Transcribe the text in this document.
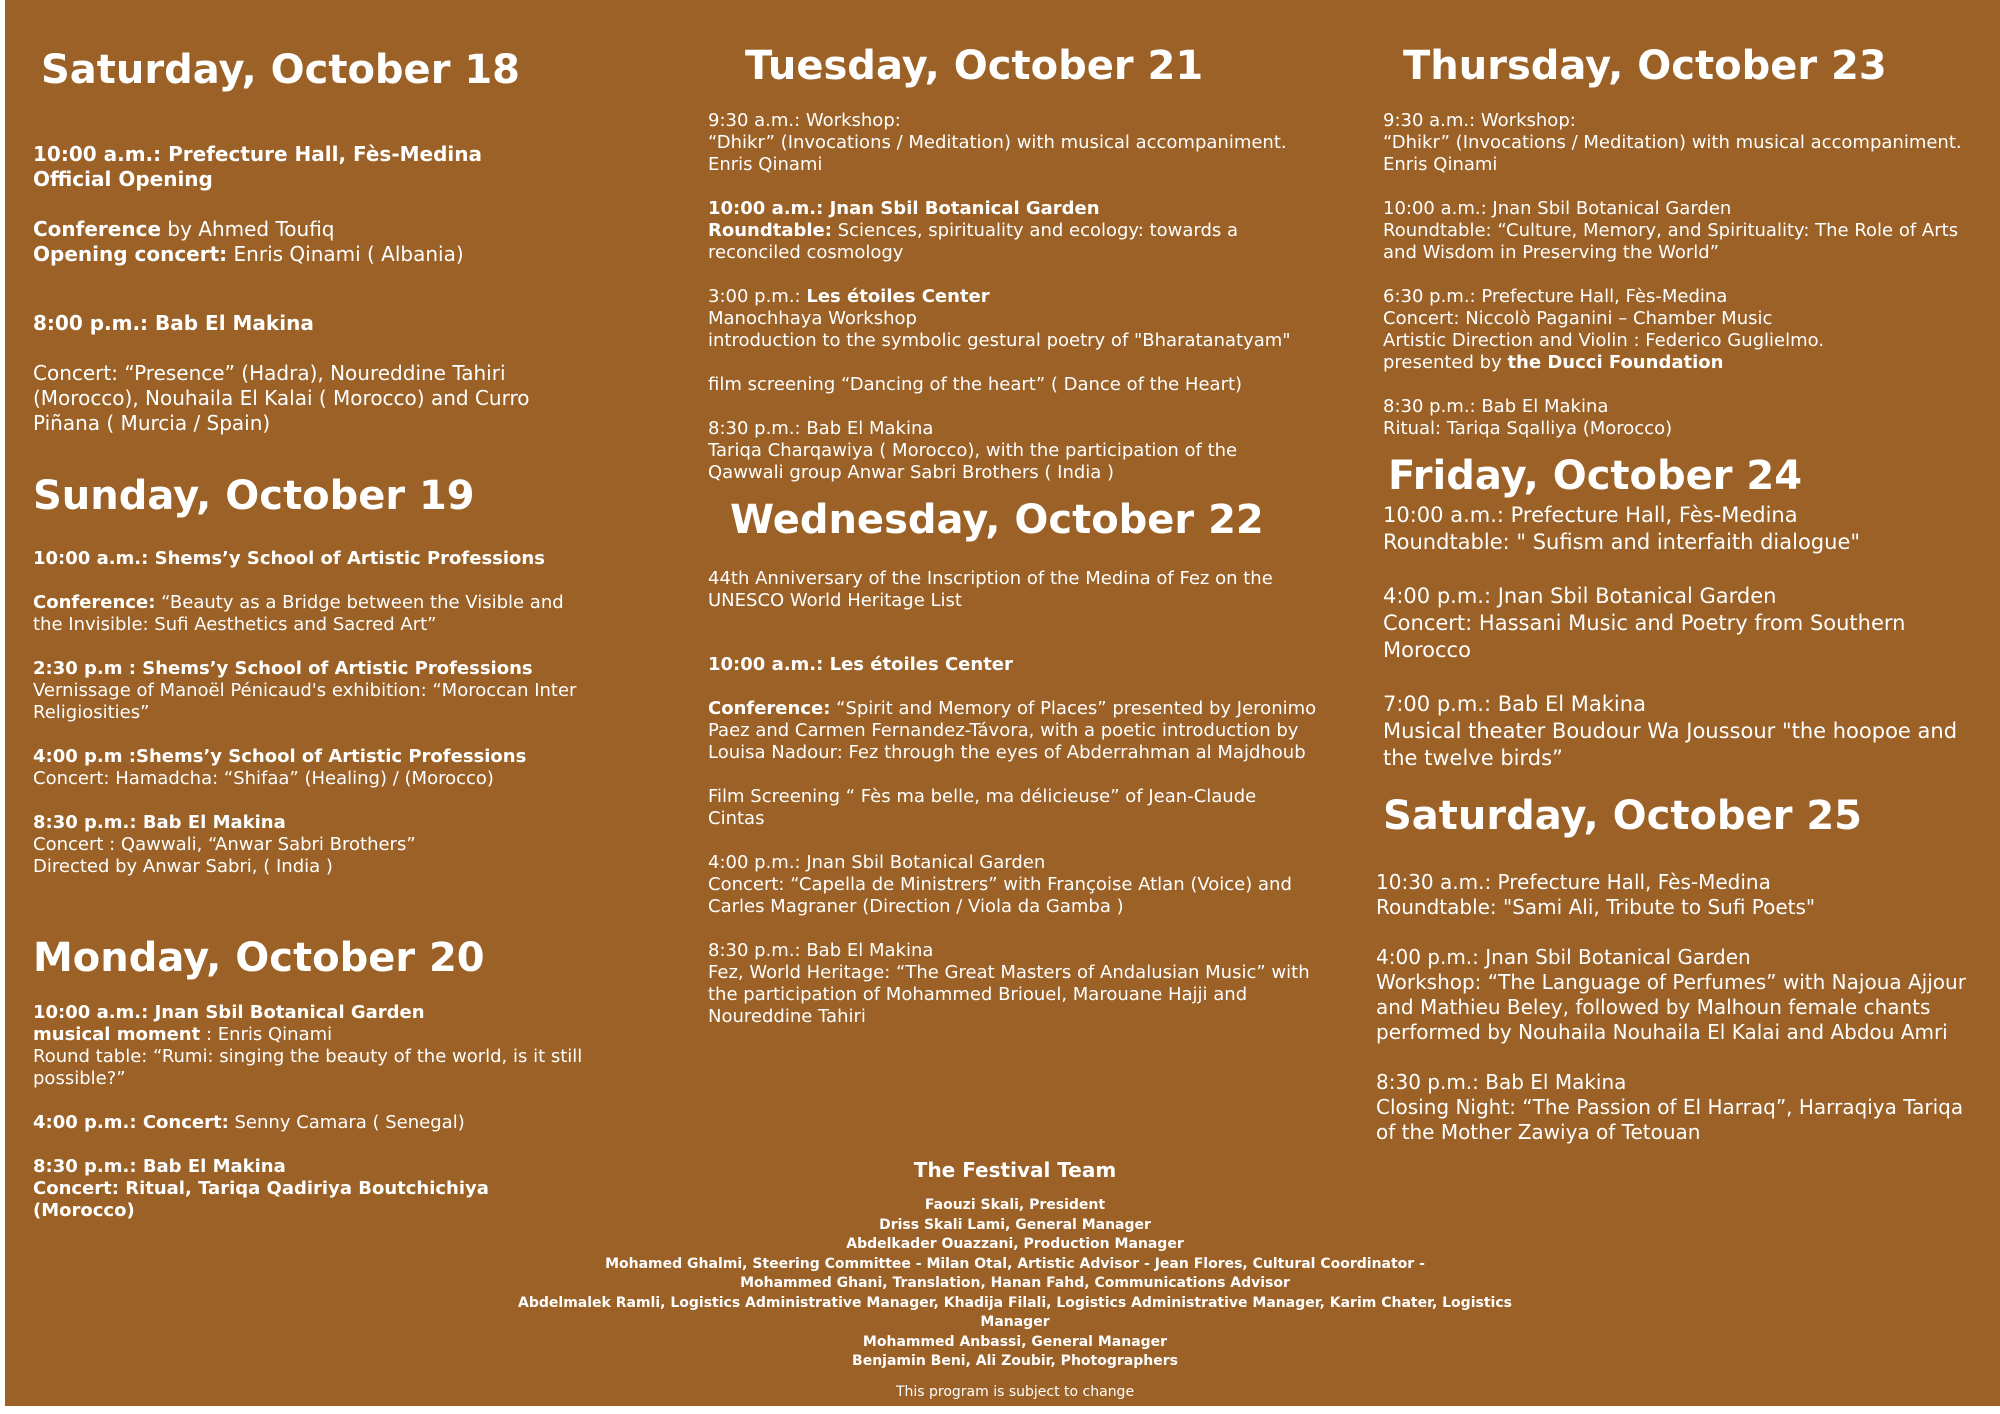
Saturday, October 18
10:00 a.m.: Prefecture Hall, Fès-Medina
Official Opening
Conference by Ahmed Toufiq
Opening concert: Enris Qinami ( Albania)
8:00 p.m.: Bab El Makina
Concert: “Presence” (Hadra), Noureddine Tahiri (Morocco), Nouhaila El Kalai ( Morocco) and Curro Piñana ( Murcia / Spain)
Sunday, October 19
10:00 a.m.: Shems’y School of Artistic Professions
Conference: “Beauty as a Bridge between the Visible and the Invisible: Sufi Aesthetics and Sacred Art”
2:30 p.m : Shems’y School of Artistic Professions
Vernissage of Manoël Pénicaud's exhibition: “Moroccan Inter Religiosities”
4:00 p.m :Shems’y School of Artistic Professions
Concert: Hamadcha: “Shifaa” (Healing) / (Morocco)
8:30 p.m.: Bab El Makina
Concert : Qawwali, “Anwar Sabri Brothers”
Directed by Anwar Sabri, ( India )
Monday, October 20
10:00 a.m.: Jnan Sbil Botanical Garden
musical moment : Enris Qinami
Round table: “Rumi: singing the beauty of the world, is it still possible?”
4:00 p.m.: Concert: Senny Camara ( Senegal)
8:30 p.m.: Bab El Makina
Concert: Ritual, Tariqa Qadiriya Boutchichiya (Morocco)
Tuesday, October 21
9:30 a.m.: Workshop:
“Dhikr” (Invocations / Meditation) with musical accompaniment.
Enris Qinami
10:00 a.m.: Jnan Sbil Botanical Garden
Roundtable: Sciences, spirituality and ecology: towards a reconciled cosmology
3:00 p.m.: Les étoiles Center
Manochhaya Workshop
introduction to the symbolic gestural poetry of "Bharatanatyam"
film screening “Dancing of the heart” ( Dance of the Heart)
8:30 p.m.: Bab El Makina
Tariqa Charqawiya ( Morocco), with the participation of the Qawwali group Anwar Sabri Brothers ( India )
Wednesday, October 22
44th Anniversary of the Inscription of the Medina of Fez on the UNESCO World Heritage List
10:00 a.m.: Les étoiles Center
Conference: “Spirit and Memory of Places” presented by Jeronimo Paez and Carmen Fernandez-Távora, with a poetic introduction by Louisa Nadour: Fez through the eyes of Abderrahman al Majdhoub
Film Screening “ Fès ma belle, ma délicieuse” of Jean-Claude Cintas
4:00 p.m.: Jnan Sbil Botanical Garden
Concert: “Capella de Ministrers” with Françoise Atlan (Voice) and Carles Magraner (Direction / Viola da Gamba )
8:30 p.m.: Bab El Makina
Fez, World Heritage: “The Great Masters of Andalusian Music” with the participation of Mohammed Briouel, Marouane Hajji and Noureddine Tahiri
Thursday, October 23
9:30 a.m.: Workshop:
“Dhikr” (Invocations / Meditation) with musical accompaniment.
Enris Qinami
10:00 a.m.: Jnan Sbil Botanical Garden
Roundtable: “Culture, Memory, and Spirituality: The Role of Arts and Wisdom in Preserving the World”
6:30 p.m.: Prefecture Hall, Fès-Medina
Concert: Niccolò Paganini – Chamber Music
Artistic Direction and Violin : Federico Guglielmo.
presented by the Ducci Foundation
8:30 p.m.: Bab El Makina
Ritual: Tariqa Sqalliya (Morocco)
Friday, October 24
10:00 a.m.: Prefecture Hall, Fès-Medina
Roundtable: " Sufism and interfaith dialogue"
4:00 p.m.: Jnan Sbil Botanical Garden
Concert: Hassani Music and Poetry from Southern Morocco
7:00 p.m.: Bab El Makina
Musical theater Boudour Wa Joussour "the hoopoe and the twelve birds”
Saturday, October 25
10:30 a.m.: Prefecture Hall, Fès-Medina
Roundtable: "Sami Ali, Tribute to Sufi Poets"
4:00 p.m.: Jnan Sbil Botanical Garden
Workshop: “The Language of Perfumes” with Najoua Ajjour and Mathieu Beley, followed by Malhoun female chants performed by Nouhaila Nouhaila El Kalai and Abdou Amri
8:30 p.m.: Bab El Makina
Closing Night: “The Passion of El Harraq”, Harraqiya Tariqa of the Mother Zawiya of Tetouan
The Festival Team
Faouzi Skali, President
Driss Skali Lami, General Manager
Abdelkader Ouazzani, Production Manager
Mohamed Ghalmi, Steering Committee - Milan Otal, Artistic Advisor - Jean Flores, Cultural Coordinator -
Mohammed Ghani, Translation, Hanan Fahd, Communications Advisor
Abdelmalek Ramli, Logistics Administrative Manager, Khadija Filali, Logistics Administrative Manager, Karim Chater, Logistics Manager
Mohammed Anbassi, General Manager
Benjamin Beni, Ali Zoubir, Photographers
This program is subject to change
